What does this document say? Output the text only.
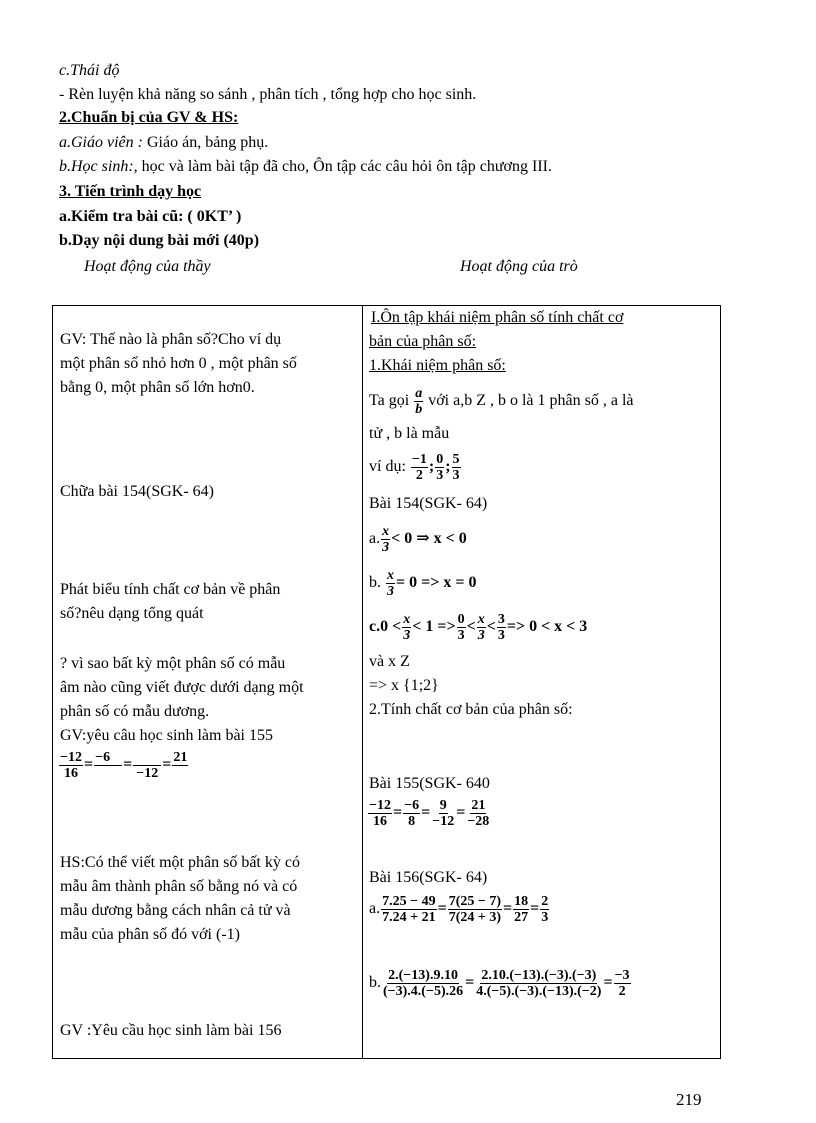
c.Thái độ
- Rèn luyện khả năng so sánh , phân tích , tổng hợp cho học sinh.
2.Chuẩn bị của GV & HS:
a.Giáo viên : Giáo án, bảng phụ.
b.Học sinh:, học và làm bài tập đã cho, Ôn tập các câu hỏi ôn tập chương III.
3. Tiến trình dạy học
a.Kiểm tra bài cũ: ( 0KT’ )
b.Dạy nội dung bài mới (40p)
Hoạt động của thầy	Hoạt động của trò
GV: Thế nào là phân số?Cho ví dụ
một phân số nhỏ hơn 0 , một phân số
bằng 0, một phân số lớn hơn0.
Chữa bài 154(SGK- 64)
Phát biểu tính chất cơ bản về phân
số?nêu dạng tổng quát
? vì sao bất kỳ một phân số có mẫu
âm nào cũng viết được dưới dạng một
phân số có mẫu dương.
GV:yêu câu học sinh làm bài 155
$\frac{-12}{16} = -6$ =
−12
= 21
HS:Có thể viết một phân số bất kỳ có
mẫu âm thành phân số bằng nó và có
mẫu dương bằng cách nhân cả tử và
mẫu của phân số đó với (-1)
GV :Yêu cầu học sinh làm bài 156

I.Ôn tập khái niệm phân số tính chất cơ
bản của phân số:
1.Khái niệm phân số:
Ta gọi $\frac{a}{b}$ với a,b Z , b o là 1 phân số , a là
tử , b là mẫu
ví dụ: $\frac{-1}{2}$ ; $\frac{0}{3}$ ; $\frac{5}{3}$
Bài 154(SGK- 64)
a. $\frac{x}{3} < 0$ ⇒ x < 0
b. $\frac{x}{3} = 0 => x = 0$
$c.0 < \frac{x}{3} < 1 => \frac{0}{3} < \frac{x}{3} < \frac{3}{3} => 0 < x < 3$
và x Z
=> x {1;2}
2.Tính chất cơ bản của phân số:
Bài 155(SGK- 640
$\frac{-12}{16} = \frac{-6}{8} = \frac{9}{-12} = \frac{21}{-28}$
Bài 156(SGK- 64)
a. $\frac{7.25 - 49}{7.24 + 21} = \frac{7(25 - 7)}{7(24 + 3)} = \frac{18}{27} = \frac{2}{3}$
b. $\frac{2.(-13).9.10}{(-3).4.(-5).26} = \frac{2.10.(-13).(-3).(-3)}{4.(-5).(-3).(-13).(-2)} = \frac{-3}{2}$
219
